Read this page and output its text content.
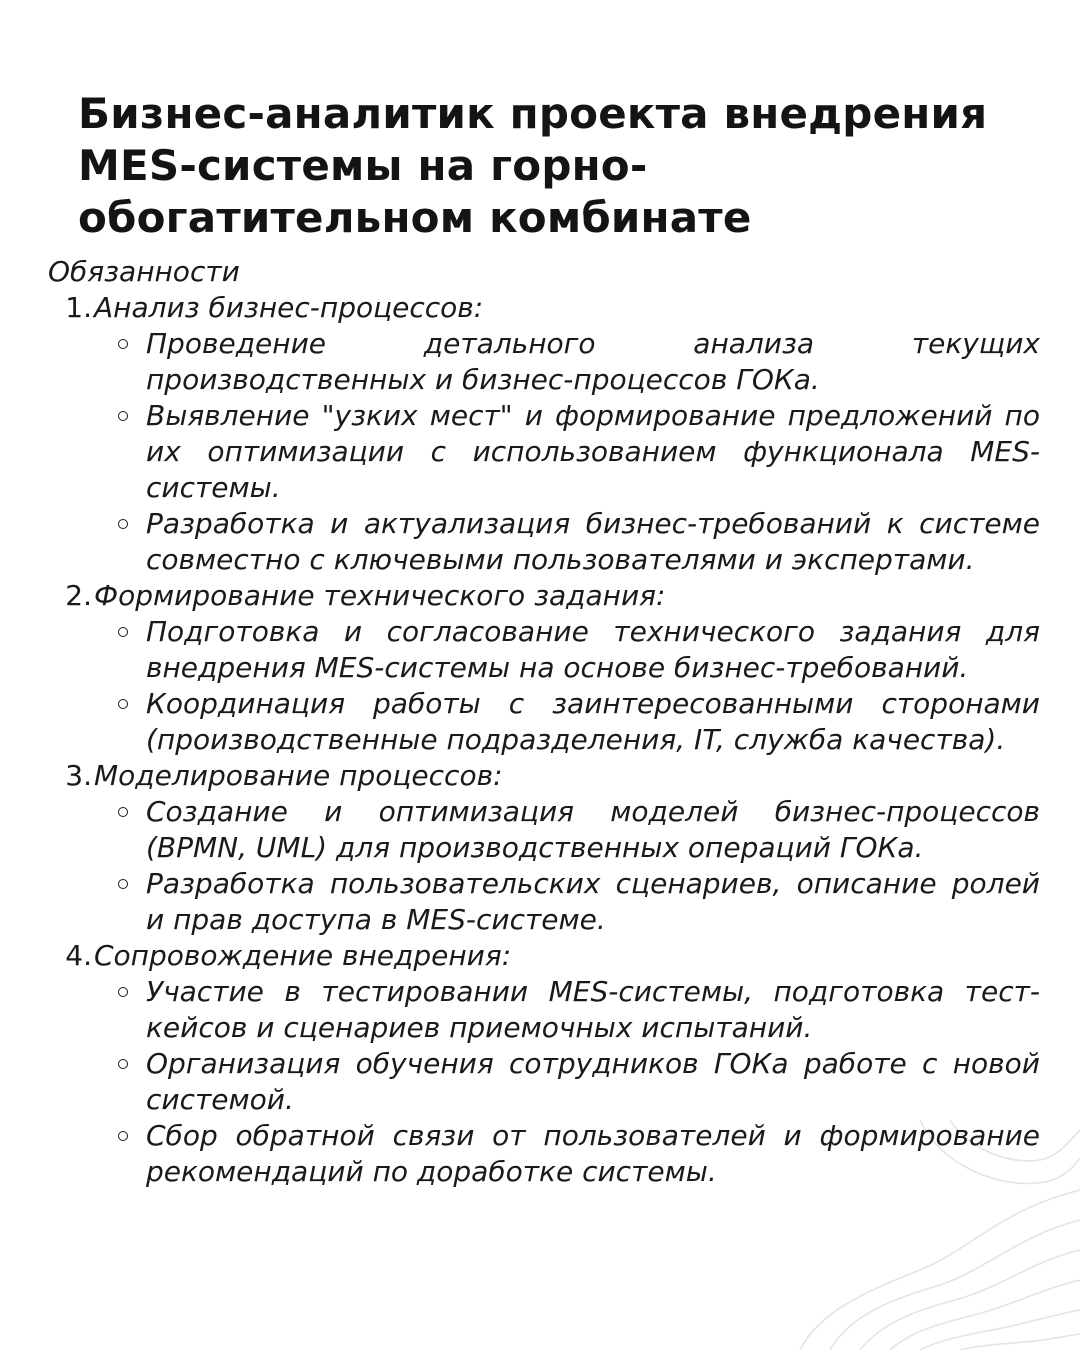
Бизнес-аналитик проекта внедрения MES-системы на горно-обогатительном комбинате
Обязанности
1. Анализ бизнес-процессов:
Проведение детального анализа текущих производственных и бизнес-процессов ГОКа.
Выявление "узких мест" и формирование предложений по их оптимизации с использованием функционала MES-системы.
Разработка и актуализация бизнес-требований к системе совместно с ключевыми пользователями и экспертами.
2. Формирование технического задания:
Подготовка и согласование технического задания для внедрения MES-системы на основе бизнес-требований.
Координация работы с заинтересованными сторонами (производственные подразделения, IT, служба качества).
3. Моделирование процессов:
Создание и оптимизация моделей бизнес-процессов (BPMN, UML) для производственных операций ГОКа.
Разработка пользовательских сценариев, описание ролей и прав доступа в MES-системе.
4. Сопровождение внедрения:
Участие в тестировании MES-системы, подготовка тест-кейсов и сценариев приемочных испытаний.
Организация обучения сотрудников ГОКа работе с новой системой.
Сбор обратной связи от пользователей и формирование рекомендаций по доработке системы.
